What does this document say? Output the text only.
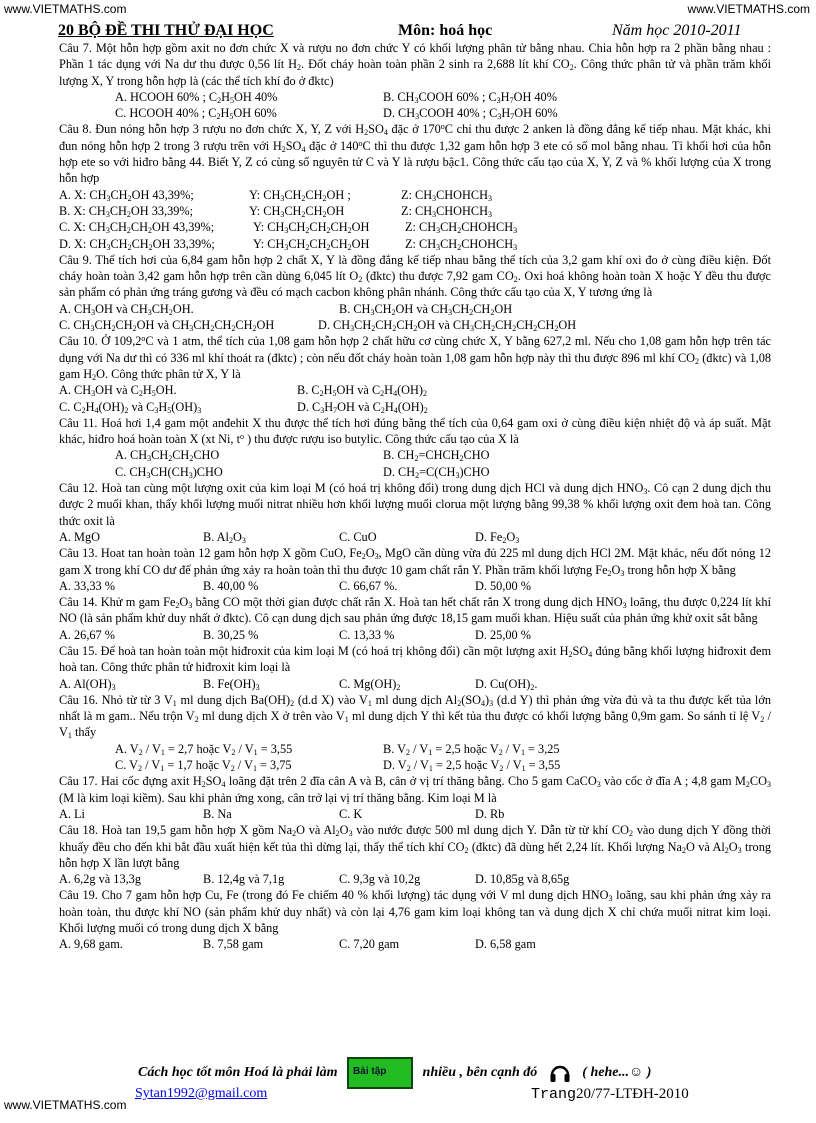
www.VIETMATHS.com	www.VIETMATHS.com
20 BỘ ĐỀ THI THỬ ĐẠI HỌC	Môn: hoá học	Năm học 2010-2011

Câu 7. Một hỗn hợp gồm axit no đơn chức X và rượu no đơn chức Y có khối lượng phân tử bằng nhau. Chia hỗn hợp ra 2 phần bằng nhau : Phần 1 tác dụng với Na dư thu được 0,56 lít $H_2$. Đốt cháy hoàn toàn phần 2 sinh ra 2,688 lít khí $CO_2$. Công thức phân tử và phần trăm khối lượng X, Y trong hỗn hợp là (các thể tích khí đo ở đktc)

A. HCOOH 60% ; $C_2H_5OH$ 40%	B. $CH_3COOH$ 60% ; $C_3H_7OH$ 40%
C. HCOOH 40% ; $C_2H_5OH$ 60%	D. $CH_3COOH$ 40% ; $C_3H_7OH$ 60%

Câu 8. Đun nóng hỗn hợp 3 rượu no đơn chức X, Y, Z với $H_2SO_4$ đặc ở 170$^o$C chỉ thu được 2 anken là đồng đẳng kế tiếp nhau. Mặt khác, khi đun nóng hỗn hợp 2 trong 3 rượu trên với $H_2SO_4$ đặc ở 140$^o$C thì thu được 1,32 gam hỗn hợp 3 ete có số mol bằng nhau. Tỉ khối hơi của hỗn hợp ete so với hiđro bằng 44. Biết Y, Z có cùng số nguyên tử C và Y là rượu bậc1. Công thức cấu tạo của X, Y, Z và % khối lượng của X trong hỗn hợp

A. X: $CH_3CH_2OH$ 43,39%;	Y: $CH_3CH_2CH_2OH$ ;	Z: $CH_3CHOHCH_3$
B. X: $CH_3CH_2OH$ 33,39%;	Y: $CH_3CH_2CH_2OH$	Z: $CH_3CHOHCH_3$
C. X: $CH_3CH_2CH_2OH$ 43,39%;	Y: $CH_3CH_2CH_2CH_2OH$	Z: $CH_3CH_2CHOHCH_3$
D. X: $CH_3CH_2CH_2OH$ 33,39%;	Y: $CH_3CH_2CH_2CH_2OH$	Z: $CH_3CH_2CHOHCH_3$

Câu 9. Thể tích hơi của 6,84 gam hỗn hợp 2 chất X, Y là đồng đẳng kế tiếp nhau bằng thể tích của 3,2 gam khí oxi đo ở cùng điều kiện. Đốt cháy hoàn toàn 3,42 gam hỗn hợp trên cần dùng 6,045 lít $O_2$ (đktc) thu được 7,92 gam $CO_2$. Oxi hoá không hoàn toàn X hoặc Y đều thu được sản phẩm có phản ứng tráng gương và đều có mạch cacbon không phân nhánh. Công thức cấu tạo của X, Y tương ứng là

A. $CH_3OH$ và $CH_3CH_2OH$.	B. $CH_3CH_2OH$ và $CH_3CH_2CH_2OH$
C. $CH_3CH_2CH_2OH$ và $CH_3CH_2CH_2CH_2OH$	D. $CH_3CH_2CH_2CH_2OH$ và $CH_3CH_2CH_2CH_2CH_2OH$

Câu 10. Ở 109,2$^o$C và 1 atm, thể tích của 1,08 gam hỗn hợp 2 chất hữu cơ cùng chức X, Y bằng 627,2 ml. Nếu cho 1,08 gam hỗn hợp trên tác dụng với Na dư thì có 336 ml khí thoát ra (đktc) ; còn nếu đốt cháy hoàn toàn 1,08 gam hỗn hợp này thì thu được 896 ml khí $CO_2$ (đktc) và 1,08 gam $H_2O$. Công thức phân tử X, Y là

A. $CH_3OH$ và $C_2H_5OH$.	B. $C_2H_5OH$ và $C_2H_4(OH)_2$
C. $C_2H_4(OH)_2$ và $C_3H_5(OH)_3$	D. $C_3H_7OH$ và $C_2H_4(OH)_2$

Câu 11. Hoá hơi 1,4 gam một anđehit X thu được thể tích hơi đúng bằng thể tích của 0,64 gam oxi ở cùng điều kiện nhiệt độ và áp suất. Mặt khác, hiđro hoá hoàn toàn X (xt Ni, $t^o$ ) thu được rượu iso butylic. Công thức cấu tạo của X là

A. $CH_3CH_2CH_2CHO$	B. $CH_2=CHCH_2CHO$
C. $CH_3CH(CH_3)CHO$	D. $CH_2=C(CH_3)CHO$

Câu 12. Hoà tan cùng một lượng oxit của kim loại M (có hoá trị không đổi) trong dung dịch HCl và dung dịch $HNO_3$. Cô cạn 2 dung dịch thu được 2 muối khan, thấy khối lượng muối nitrat nhiều hơn khối lượng muối clorua một lượng bằng 99,38 % khối lượng oxit đem hoà tan. Công thức oxit là

A. MgO	B. $Al_2O_3$	C. CuO	D. $Fe_2O_3$

Câu 13. Hoat tan hoàn toàn 12 gam hỗn hợp X gồm CuO, $Fe_2O_3$, MgO cần dùng vừa đủ 225 ml dung dịch HCl 2M. Mặt khác, nếu đốt nóng 12 gam X trong khí CO dư để phản ứng xảy ra hoàn toàn thì thu được 10 gam chất rắn Y. Phần trăm khối lượng $Fe_2O_3$ trong hỗn hợp X bằng

A. 33,33 %	B. 40,00 %	C. 66,67 %.	D. 50,00 %

Câu 14. Khử m gam $Fe_2O_3$ bằng CO một thời gian được chất rắn X. Hoà tan hết chất rắn X trong dung dịch $HNO_3$ loãng, thu được 0,224 lít khí NO (là sản phẩm khử duy nhất ở đktc). Cô cạn dung dịch sau phản ứng được 18,15 gam muối khan. Hiệu suất của phản ứng khử oxit sắt bằng

A. 26,67 %	B. 30,25 %	C. 13,33 %	D. 25,00 %

Câu 15. Để hoà tan hoàn toàn một hiđroxit của kim loại M (có hoá trị không đổi) cần một lượng axit $H_2SO_4$ đúng bằng khối lượng hiđroxit đem hoà tan. Công thức phân tử hiđroxit kim loại là

A. $Al(OH)_3$	B. $Fe(OH)_3$	C. $Mg(OH)_2$	D. $Cu(OH)_2$.

Câu 16. Nhỏ từ từ 3 $V_1$ ml dung dịch $Ba(OH)_2$ (d.d X) vào $V_1$ ml dung dịch $Al_2(SO_4)_3$ (d.d Y) thì phản ứng vừa đủ và ta thu được kết tủa lớn nhất là m gam.. Nếu trộn $V_2$ ml dung dịch X ở trên vào $V_1$ ml dung dịch Y thì kết tủa thu được có khối lượng bằng 0,9m gam. So sánh tỉ lệ $V_2 / V_1$ thấy

A. $V_2 / V_1 = 2,7$ hoặc $V_2 / V_1 = 3,55$	B. $V_2 / V_1 = 2,5$ hoặc $V_2 / V_1 = 3,25$
C. $V_2 / V_1 = 1,7$ hoặc $V_2 / V_1 = 3,75$	D. $V_2 / V_1 = 2,5$ hoặc $V_2 / V_1 = 3,55$

Câu 17. Hai cốc đựng axit $H_2SO_4$ loãng đặt trên 2 đĩa cân A và B, cân ở vị trí thăng bằng. Cho 5 gam CaCO$_3$ vào cốc ở đĩa A ; 4,8 gam $M_2CO_3$ (M là kim loại kiềm). Sau khi phản ứng xong, cân trở lại vị trí thăng bằng. Kim loại M là

A. Li	B. Na	C. K	D. Rb

Câu 18. Hoà tan 19,5 gam hỗn hợp X gồm $Na_2O$ và $Al_2O_3$ vào nước được 500 ml dung dịch Y. Dẫn từ từ khí $CO_2$ vào dung dịch Y đồng thời khuấy đều cho đến khi bắt đầu xuất hiện kết tủa thì dừng lại, thấy thể tích khí $CO_2$ (đktc) đã dùng hết 2,24 lít. Khối lượng $Na_2O$ và $Al_2O_3$ trong hỗn hợp X lần lượt bằng

A. 6,2g và 13,3g	B. 12,4g và 7,1g	C. 9,3g và 10,2g	D. 10,85g và 8,65g

Câu 19. Cho 7 gam hỗn hợp Cu, Fe (trong đó Fe chiếm 40 % khối lượng) tác dụng với V ml dung dịch $HNO_3$ loãng, sau khi phản ứng xảy ra hoàn toàn, thu được khí NO (sản phẩm khử duy nhất) và còn lại 4,76 gam kim loại không tan và dung dịch X chỉ chứa muối nitrat kim loại. Khối lượng muối có trong dung dịch X bằng

A. 9,68 gam.	B. 7,58 gam	C. 7,20 gam	D. 6,58 gam
Cách học tốt môn Hoá là phải làm Bài tập	nhiều , bên cạnh đó	( hehe...☺ )
Sytan1992@gmail.com	Trang20/77-LTĐH-2010
www.VIETMATHS.com
